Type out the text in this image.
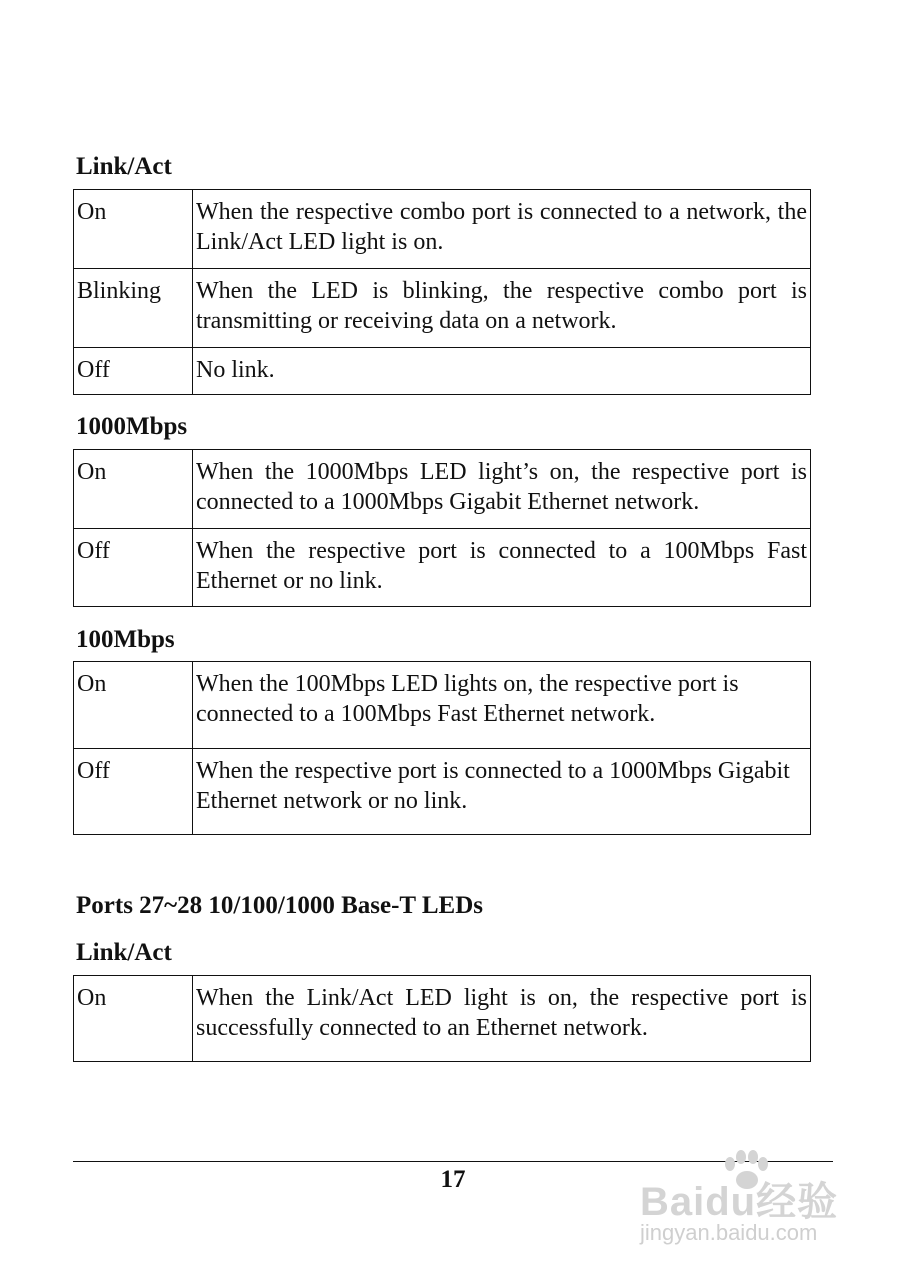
Link/Act
On	When the respective combo port is connected to a network, the Link/Act LED light is on.
Blinking	When the LED is blinking, the respective combo port is transmitting or receiving data on a network.
Off	No link.
1000Mbps
On	When the 1000Mbps LED light’s on, the respective port is connected to a 1000Mbps Gigabit Ethernet network.
Off	When the respective port is connected to a 100Mbps Fast Ethernet or no link.
100Mbps
On	When the 100Mbps LED lights on, the respective port is connected to a 100Mbps Fast Ethernet network.
Off	When the respective port is connected to a 1000Mbps Gigabit Ethernet network or no link.
Ports 27~28 10/100/1000 Base-T LEDs
Link/Act
On	When the Link/Act LED light is on, the respective port is successfully connected to an Ethernet network.
17
Baidu经验
jingyan.baidu.com
